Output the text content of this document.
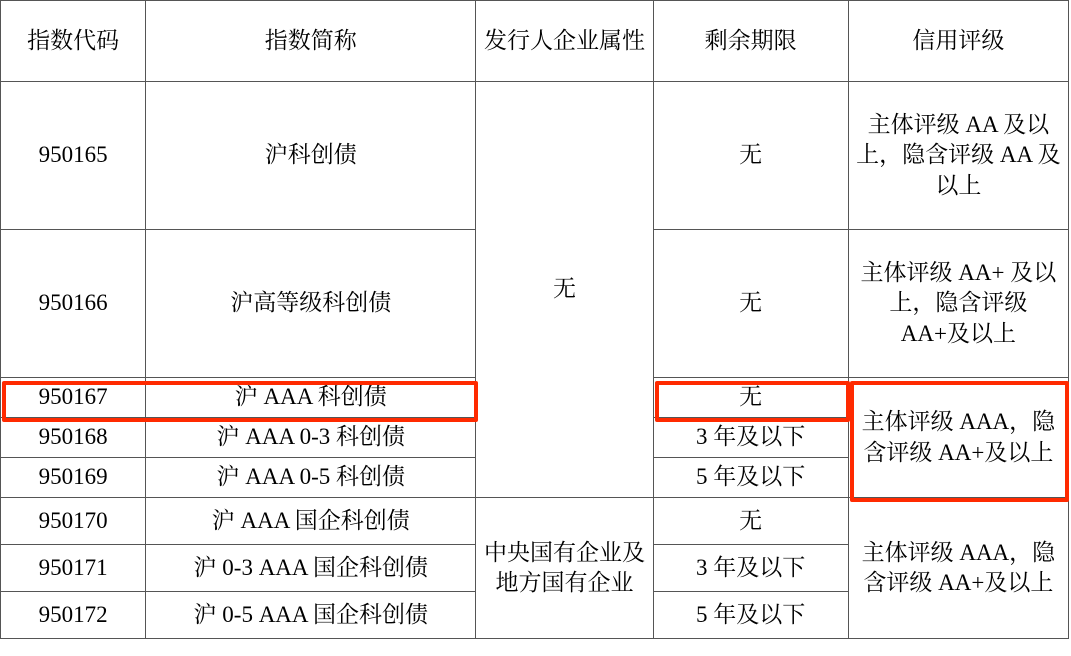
指数代码	指数简称	发行人企业属性	剩余期限	信用评级
950165	沪科创债	无	无	主体评级 AA 及以上，隐含评级 AA 及以上
950166	沪高等级科创债		无	主体评级 AA+ 及以上，隐含评级 AA+及以上
950167	沪 AAA 科创债		无	主体评级 AAA，隐含评级 AA+及以上
950168	沪 AAA 0-3 科创债		3 年及以下	
950169	沪 AAA 0-5 科创债		5 年及以下	
950170	沪 AAA 国企科创债	中央国有企业及地方国有企业	无	主体评级 AAA，隐含评级 AA+及以上
950171	沪 0-3 AAA 国企科创债		3 年及以下	
950172	沪 0-5 AAA 国企科创债		5 年及以下	
